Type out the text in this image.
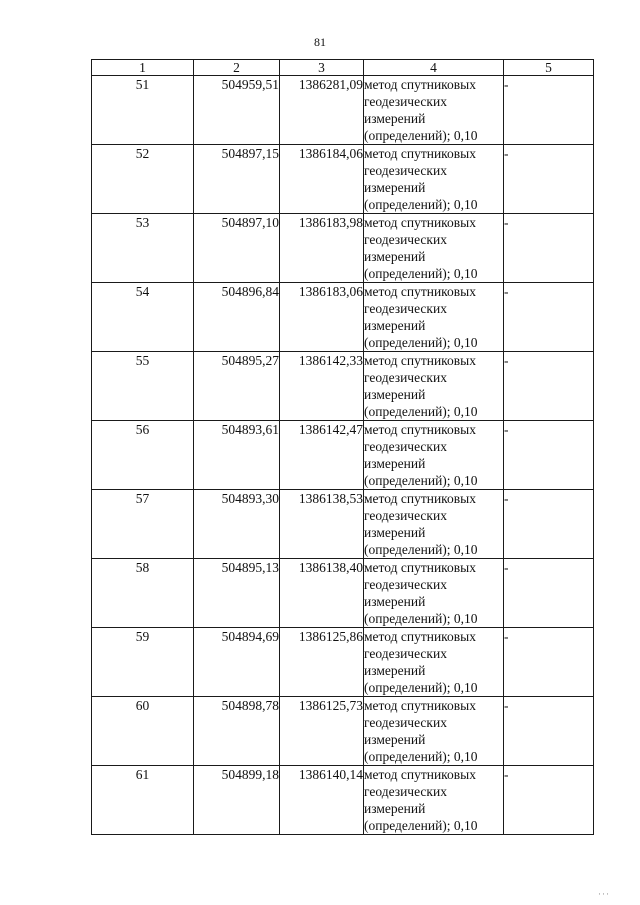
81
1	2	3	4	5
51	504959,51	1386281,09	метод спутниковых геодезических измерений (определений); 0,10	-
52	504897,15	1386184,06	метод спутниковых геодезических измерений (определений); 0,10	-
53	504897,10	1386183,98	метод спутниковых геодезических измерений (определений); 0,10	-
54	504896,84	1386183,06	метод спутниковых геодезических измерений (определений); 0,10	-
55	504895,27	1386142,33	метод спутниковых геодезических измерений (определений); 0,10	-
56	504893,61	1386142,47	метод спутниковых геодезических измерений (определений); 0,10	-
57	504893,30	1386138,53	метод спутниковых геодезических измерений (определений); 0,10	-
58	504895,13	1386138,40	метод спутниковых геодезических измерений (определений); 0,10	-
59	504894,69	1386125,86	метод спутниковых геодезических измерений (определений); 0,10	-
60	504898,78	1386125,73	метод спутниковых геодезических измерений (определений); 0,10	-
61	504899,18	1386140,14	метод спутниковых геодезических измерений (определений); 0,10	-
···
